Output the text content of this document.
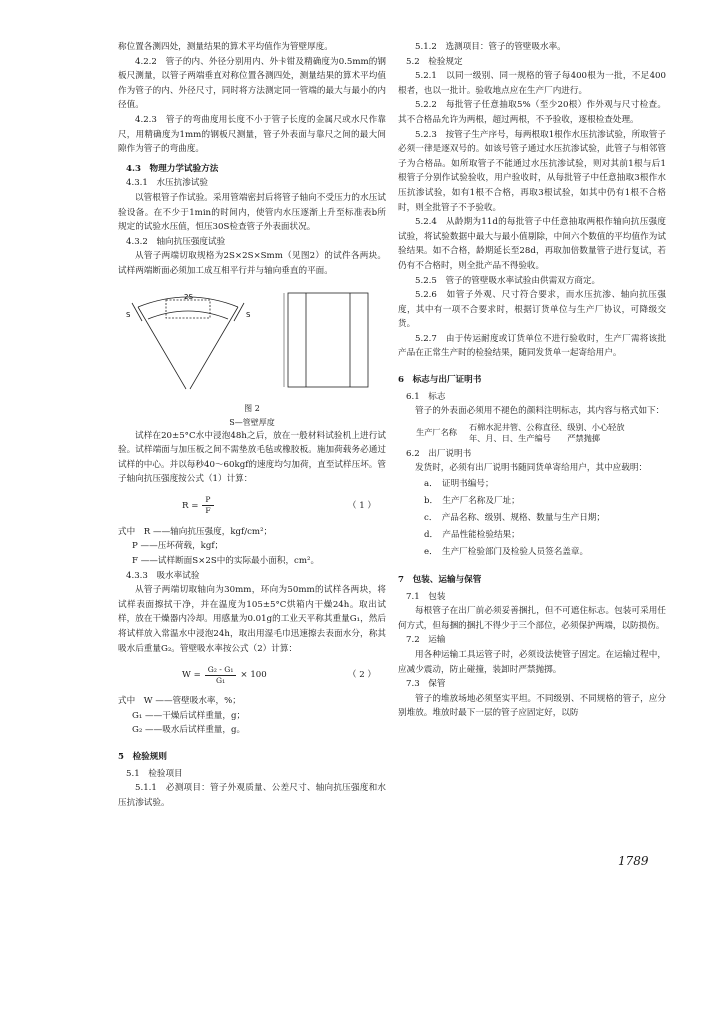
称位置各测四处，测量结果的算术平均值作为管壁厚度。

4.2.2　管子的内、外径分别用内、外卡钳及精确度为0.5mm的钢板尺测量，以管子两端垂直对称位置各测四处，测量结果的算术平均值作为管子的内、外径尺寸，同时将方法测定同一管端的最大与最小的内径值。

4.2.3　管子的弯曲度用长度不小于管子长度的金属尺或水尺作靠尺，用精确度为1mm的钢板尺测量，管子外表面与靠尺之间的最大间隙作为管子的弯曲度。

4.3　物理力学试验方法

4.3.1　水压抗渗试验

以管根管子作试验。采用管端密封后将管子轴向不受压力的水压试验设备。在不少于1min的时间内，使管内水压逐渐上升至标准表b所规定的试验水压值，恒压30S检查管子外表面状况。

4.3.2　轴向抗压强度试验

从管子两端切取规格为2S×2S×Smm（见图2）的试件各两块。试样两端断面必须加工成互相平行并与轴向垂直的平面。

2S
S	S
图 2
S—管壁厚度

试样在20±5°C水中浸泡48h之后，放在一般材料试验机上进行试验。试样端面与加压板之间不需垫放毛毡或橡胶板。施加荷载务必通过试样的中心。并以每秒40～60kgf的速度均匀加荷，直至试样压坏。管子轴向抗压强度按公式（1）计算：

$R = \frac{P}{F}$	（ 1 ）
式中　R ——轴向抗压强度，kgf/cm²；
P ——压坏荷载，kgf；
F ——试样断面S×2S中的实际最小面积，cm²。

4.3.3　吸水率试验

从管子两端切取轴向为30mm，环向为50mm的试样各两块，将试样表面擦拭干净，并在温度为105±5°C烘箱内干燥24h。取出试样，放在干燥器内冷却。用感量为0.01g的工业天平称其重量G₁，然后将试样放入常温水中浸泡24h，取出用湿毛巾迅速擦去表面水分，称其吸水后重量G₂。管壁吸水率按公式（2）计算：

$W = \frac{\text{G₂ - G₁}}{\text{G₁}} \times 100$	（ 2 ）
式中　W ——管壁吸水率，%；
G₁ ——干燥后试样重量，g；
G₂ ——吸水后试样重量，g。

5　检验规则

5.1　检验项目

5.1.1　必测项目：管子外观质量、公差尺寸、轴向抗压强度和水压抗渗试验。

5.1.2　选测项目：管子的管壁吸水率。

5.2　检验规定

5.2.1　以同一级别、同一规格的管子每400根为一批，不足400根者，也以一批计。验收地点应在生产厂内进行。

5.2.2　每批管子任意抽取5%（至少20根）作外观与尺寸检查。其不合格品允许为两根，超过两根，不予验收，逐根检查处理。

5.2.3　按管子生产序号，每两根取1根作水压抗渗试验，所取管子必须一律是逐双号的。如该号管子通过水压抗渗试验，此管子与相邻管子为合格品。如所取管子不能通过水压抗渗试验，则对其前1根与后1根管子分别作试验验收，用户验收时，从每批管子中任意抽取3根作水压抗渗试验，如有1根不合格，再取3根试验，如其中仍有1根不合格时，则全批管子不予验收。

5.2.4　从龄期为11d的每批管子中任意抽取两根作轴向抗压强度试验，将试验数据中最大与最小值剔除，中间六个数值的平均值作为试验结果。如不合格，龄期延长至28d，再取加倍数量管子进行复试，若仍有不合格时，则全批产品不得验收。

5.2.5　管子的管壁吸水率试验由供需双方商定。

5.2.6　如管子外观、尺寸符合要求，而水压抗渗、轴向抗压强度，其中有一项不合要求时，根据订货单位与生产厂协议，可降级交货。

5.2.7　由于传运耐度或订货单位不进行验收时，生产厂需将该批产品在正常生产时的检验结果，随同发货单一起寄给用户。

6　标志与出厂证明书

6.1　标志

管子的外表面必须用不褪色的颜料注明标志，其内容与格式如下：

生产厂名称
石棉水泥井管、公称直径、级别、小心轻放
年、月、日、生产编号　　严禁抛掷

6.2　出厂说明书

发货时，必须有出厂说明书随同货单寄给用户，其中应载明：

a．　证明书编号；
b．　生产厂名称及厂址；
c．　产品名称、级别、规格、数量与生产日期；
d．　产品性能检验结果；
e．　生产厂检验部门及检验人员签名盖章。

7　包装、运输与保管

7.1　包装

每根管子在出厂前必须妥善捆扎，但不可遮住标志。包装可采用任何方式，但每捆的捆扎不得少于三个部位，必须保护两端，以防损伤。

7.2　运输

用各种运输工具运管子时，必须设法使管子固定。在运输过程中，应减少震动，防止碰撞，装卸时严禁抛掷。

7.3　保管

管子的堆放场地必须坚实平坦。不同级别、不同规格的管子，应分别堆放。堆放时最下一层的管子应固定好，以防

1789
